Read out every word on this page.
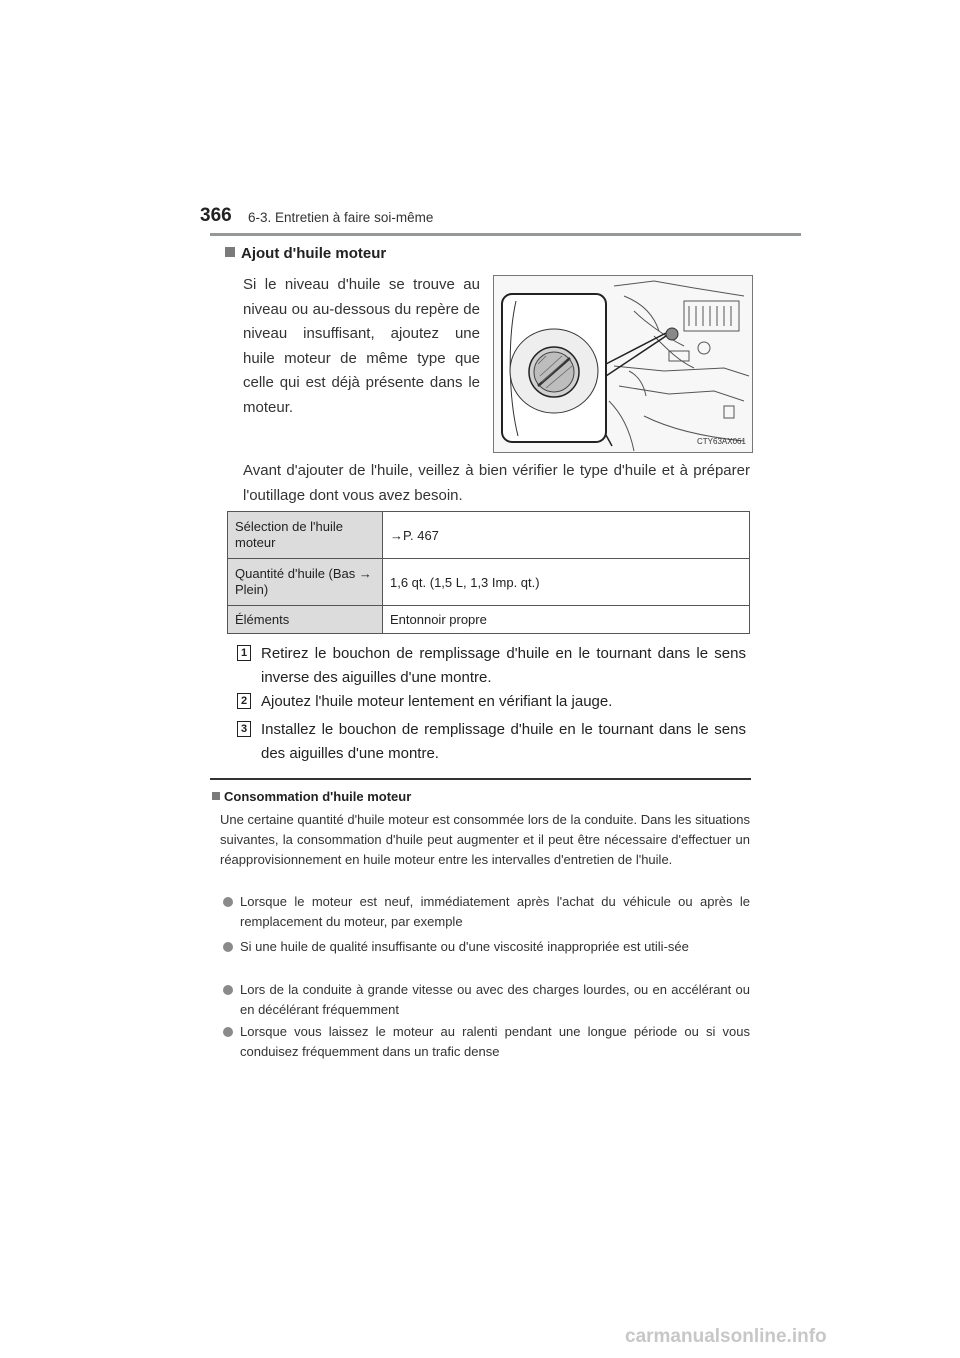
366 6-3. Entretien à faire soi-même
Ajout d'huile moteur
Si le niveau d'huile se trouve au niveau ou au-dessous du repère de niveau insuffisant, ajoutez une huile moteur de même type que celle qui est déjà présente dans le moteur.
CTY63AX061
Avant d'ajouter de l'huile, veillez à bien vérifier le type d'huile et à préparer l'outillage dont vous avez besoin.
Sélection de l'huile moteur	→P. 467
Quantité d'huile (Bas → Plein)	1,6 qt. (1,5 L, 1,3 Imp. qt.)
Éléments	Entonnoir propre
1 Retirez le bouchon de remplissage d'huile en le tournant dans le sens inverse des aiguilles d'une montre.
2 Ajoutez l'huile moteur lentement en vérifiant la jauge.
3 Installez le bouchon de remplissage d'huile en le tournant dans le sens des aiguilles d'une montre.
Consommation d'huile moteur
Une certaine quantité d'huile moteur est consommée lors de la conduite. Dans les situations suivantes, la consommation d'huile peut augmenter et il peut être nécessaire d'effectuer un réapprovisionnement en huile moteur entre les intervalles d'entretien de l'huile.
Lorsque le moteur est neuf, immédiatement après l'achat du véhicule ou après le remplacement du moteur, par exemple
Si une huile de qualité insuffisante ou d'une viscosité inappropriée est utili-sée
Lors de la conduite à grande vitesse ou avec des charges lourdes, ou en accélérant ou en décélérant fréquemment
Lorsque vous laissez le moteur au ralenti pendant une longue période ou si vous conduisez fréquemment dans un trafic dense
carmanualsonline.info
